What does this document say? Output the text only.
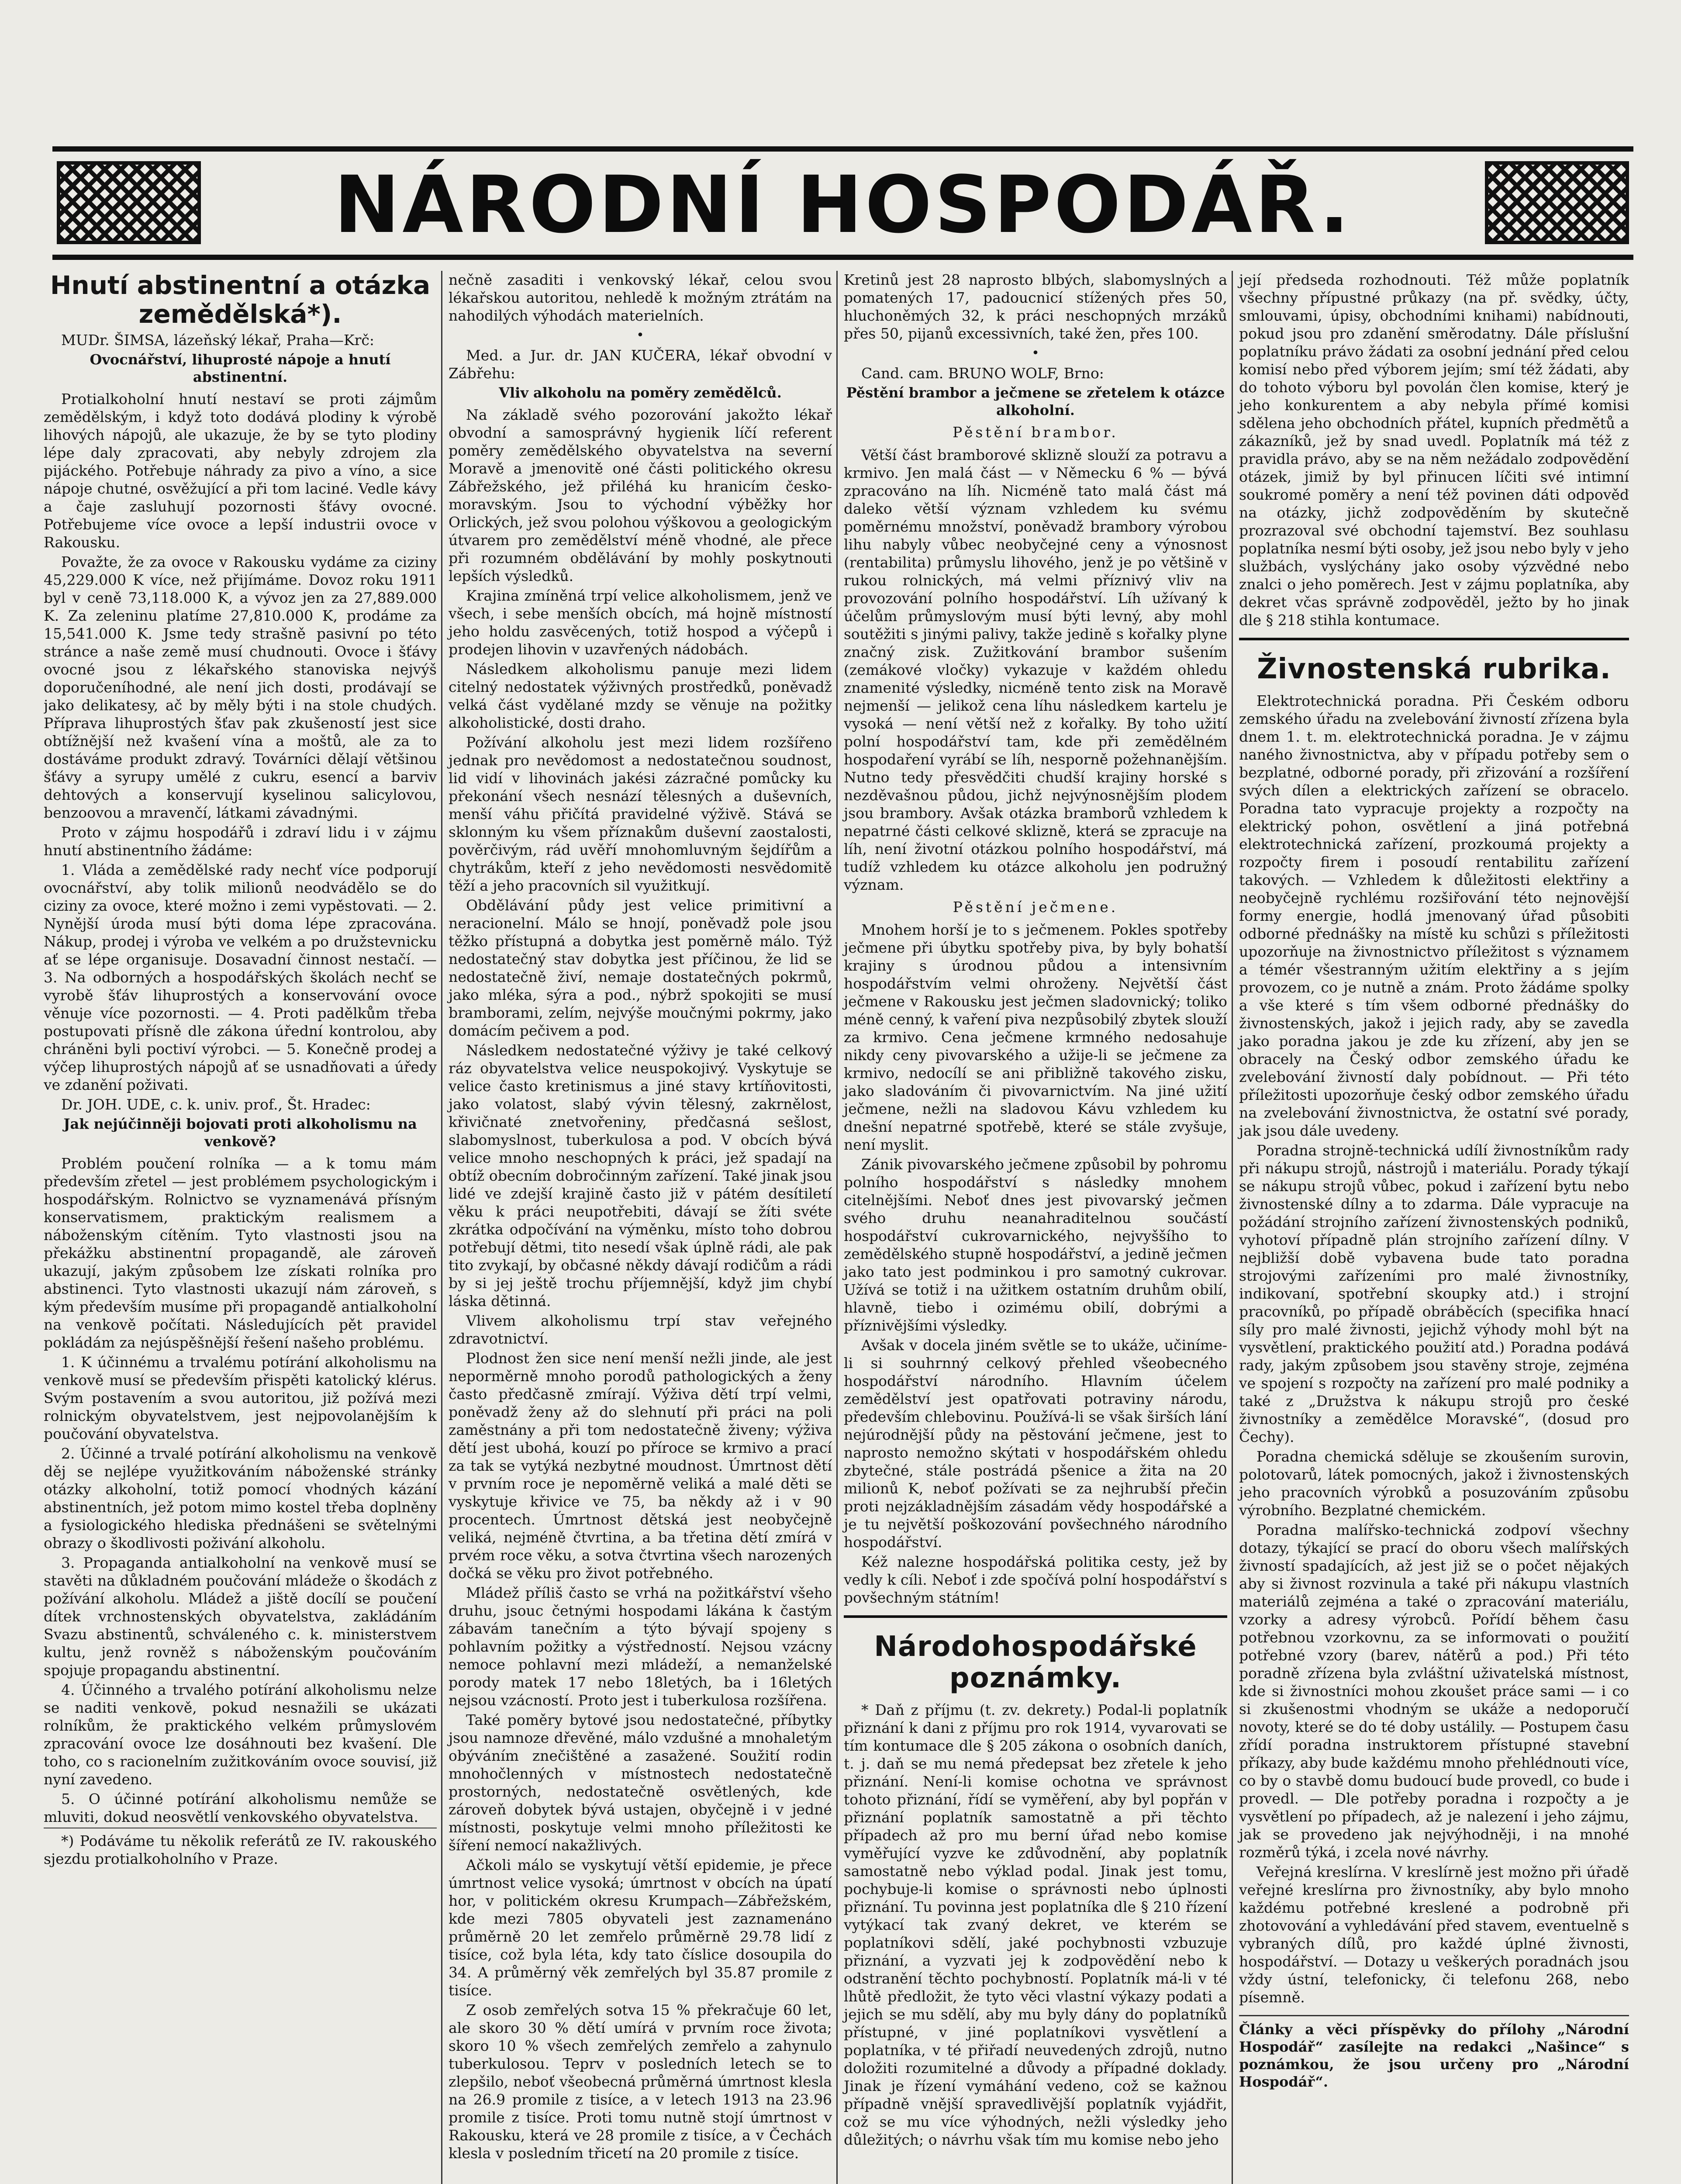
NÁRODNÍ HOSPODÁŘ.
Hnutí abstinentní a otázka zemědělská*).

MUDr. ŠIMSA, lázeňský lékař, Praha—Krč:

Ovocnářství, lihuprosté nápoje a hnutí abstinentní.

Protialkoholní hnutí nestaví se proti zájmům zemědělským, i když toto dodává plodiny k výrobě lihových nápojů, ale ukazuje, že by se tyto plodiny lépe daly zpracovati, aby nebyly zdrojem zla pijáckého. Potřebuje náhrady za pivo a víno, a sice nápoje chutné, osvěžující a při tom laciné. Vedle kávy a čaje zasluhují pozornosti šťávy ovocné. Potřebujeme více ovoce a lepší industrii ovoce v Rakousku.

Považte, že za ovoce v Rakousku vydáme za ciziny 45,229.000 K více, než přijímáme. Dovoz roku 1911 byl v ceně 73,118.000 K, a vývoz jen za 27,889.000 K. Za zeleninu platíme 27,810.000 K, prodáme za 15,541.000 K. Jsme tedy strašně pasivní po této stránce a naše země musí chudnouti. Ovoce i šťávy ovocné jsou z lékařského stanoviska nejvýš doporučeníhodné, ale není jich dosti, prodávají se jako delikatesy, ač by měly býti i na stole chudých. Příprava lihuprostých šťav pak zkušeností jest sice obtížnější než kvašení vína a moštů, ale za to dostáváme produkt zdravý. Továrníci dělají většinou šťávy a syrupy umělé z cukru, esencí a barviv dehtových a konservují kyselinou salicylovou, benzoovou a mravenčí, látkami závadnými.

Proto v zájmu hospodářů i zdraví lidu i v zájmu hnutí abstinentního žádáme:

1. Vláda a zemědělské rady nechť více podporují ovocnářství, aby tolik milionů neodvádělo se do ciziny za ovoce, které možno i zemi vypěstovati. — 2. Nynější úroda musí býti doma lépe zpracována. Nákup, prodej i výroba ve velkém a po družstevnicku ať se lépe organisuje. Dosavadní činnost nestačí. — 3. Na odborných a hospodářských školách nechť se vyrobě šťáv lihuprostých a konservování ovoce věnuje více pozornosti. — 4. Proti padělkům třeba postupovati přísně dle zákona úřední kontrolou, aby chráněni byli poctiví výrobci. — 5. Konečně prodej a výčep lihuprostých nápojů ať se usnadňovati a úředy ve zdanění poživati.

Dr. JOH. UDE, c. k. univ. prof., Št. Hradec:

Jak nejúčinněji bojovati proti alkoholismu na venkově?

Problém poučení rolníka — a k tomu mám především zřetel — jest problémem psychologickým i hospodářským. Rolnictvo se vyznamenává přísným konservatismem, praktickým realismem a náboženským cítěním. Tyto vlastnosti jsou na překážku abstinentní propagandě, ale zároveň ukazují, jakým způsobem lze získati rolníka pro abstinenci. Tyto vlastnosti ukazují nám zároveň, s kým především musíme při propagandě antialkoholní na venkově počítati. Následujících pět pravidel pokládám za nejúspěšnější řešení našeho problému.

1. K účinnému a trvalému potírání alkoholismu na venkově musí se především přispěti katolický klérus. Svým postavením a svou autoritou, již požívá mezi rolnickým obyvatelstvem, jest nejpovolanějším k poučování obyvatelstva.

2. Účinné a trvalé potírání alkoholismu na venkově děj se nejlépe využitkováním náboženské stránky otázky alkoholní, totiž pomocí vhodných kázání abstinentních, jež potom mimo kostel třeba doplněny a fysiologického hlediska přednášeni se světelnými obrazy o škodlivosti poživání alkoholu.

3. Propaganda antialkoholní na venkově musí se stavěti na důkladném poučování mládeže o škodách z požívání alkoholu. Mládež a jiště docílí se poučení dítek vrchnostenských obyvatelstva, zakládáním Svazu abstinentů, schváleného c. k. ministerstvem kultu, jenž rovněž s náboženským poučováním spojuje propagandu abstinentní.

4. Účinného a trvalého potírání alkoholismu nelze se naditi venkově, pokud nesnažili se ukázati rolníkům, že praktického velkém průmyslovém zpracování ovoce lze dosáhnouti bez kvašení. Dle toho, co s racionelním zužitkováním ovoce souvisí, již nyní zavedeno.

5. O účinné potírání alkoholismu nemůže se mluviti, dokud neosvětlí venkovského obyvatelstva.

*) Podáváme tu několik referátů ze IV. rakouského sjezdu protialkoholního v Praze.

nečně zasaditi i venkovský lékař, celou svou lékařskou autoritou, nehledě k možným ztrátám na nahodilých výhodách materielních.

•

Med. a Jur. dr. JAN KUČERA, lékař obvodní v Zábřehu:

Vliv alkoholu na poměry zemědělců.

Na základě svého pozorování jakožto lékař obvodní a samosprávný hygienik líčí referent poměry zemědělského obyvatelstva na severní Moravě a jmenovitě oné části politického okresu Zábřežského, jež přiléhá ku hranicím česko-moravským. Jsou to východní výběžky hor Orlických, jež svou polohou výškovou a geologickým útvarem pro zemědělství méně vhodné, ale přece při rozumném obdělávání by mohly poskytnouti lepších výsledků.

Krajina zmíněná trpí velice alkoholismem, jenž ve všech, i sebe menších obcích, má hojně místností jeho holdu zasvěcených, totiž hospod a výčepů i prodejen lihovin v uzavřených nádobách.

Následkem alkoholismu panuje mezi lidem citelný nedostatek výživných prostředků, poněvadž velká část vydělané mzdy se věnuje na požitky alkoholistické, dosti draho.

Požívání alkoholu jest mezi lidem rozšířeno jednak pro nevědomost a nedostatečnou soudnost, lid vidí v lihovinách jakési zázračné pomůcky ku překonání všech nesnází tělesných a duševních, menší váhu přičítá pravidelné výživě. Stává se sklonným ku všem příznakům duševní zaostalosti, pověrčivým, rád uvěří mnohomluvným šejdířům a chytrákům, kteří z jeho nevědomosti nesvědomitě těží a jeho pracovních sil využitkují.

Obdělávání půdy jest velice primitivní a neracionelní. Málo se hnojí, poněvadž pole jsou těžko přístupná a dobytka jest poměrně málo. Týž nedostatečný stav dobytka jest příčinou, že lid se nedostatečně živí, nemaje dostatečných pokrmů, jako mléka, sýra a pod., nýbrž spokojiti se musí bramborami, zelím, nejvýše moučnými pokrmy, jako domácím pečivem a pod.

Následkem nedostatečné výživy je také celkový ráz obyvatelstva velice neuspokojivý. Vyskytuje se velice často kretinismus a jiné stavy krtíňovitosti, jako volatost, slabý vývin tělesný, zakrnělost, křivičnaté znetvořeniny, předčasná sešlost, slabomyslnost, tuberkulosa a pod. V obcích bývá velice mnoho neschopných k práci, jež spadají na obtíž obecním dobročinným zařízení. Také jinak jsou lidé ve zdejší krajině často již v pátém desítiletí věku k práci neupotřebiti, dávají se žíti svéte zkrátka odpočívání na výměnku, místo toho dobrou potřebují dětmi, tito nesedí však úplně rádi, ale pak tito zvykají, by občasné někdy dávají rodičům a rádi by si jej ještě trochu příjemnější, když jim chybí láska dětinná.

Vlivem alkoholismu trpí stav veřejného zdravotnictví.

Plodnost žen sice není menší nežli jinde, ale jest neporměrně mnoho porodů pathologických a ženy často předčasně zmírají. Výživa dětí trpí velmi, poněvadž ženy až do slehnutí při práci na poli zaměstnány a při tom nedostatečně živeny; výživa dětí jest ubohá, kouzí po příroce se krmivo a prací za tak se vytýká nezbytné moudnost. Úmrtnost dětí v prvním roce je nepoměrně veliká a malé děti se vyskytuje křivice ve 75, ba někdy až i v 90 procentech. Úmrtnost dětská jest neobyčejně veliká, nejméně čtvrtina, a ba třetina dětí zmírá v prvém roce věku, a sotva čtvrtina všech narozených dočká se věku pro život potřebného.

Mládež příliš často se vrhá na požitkářství všeho druhu, jsouc četnými hospodami lákána k častým zábavám tanečním a týto bývají spojeny s pohlavním požitky a výstředností. Nejsou vzácny nemoce pohlavní mezi mládeží, a nemanželské porody matek 17 nebo 18letých, ba i 16letých nejsou vzácností. Proto jest i tuberkulosa rozšířena.

Také poměry bytové jsou nedostatečné, příbytky jsou namnoze dřevěné, málo vzdušné a mnohaletým obýváním znečištěné a zasažené. Soužití rodin mnohočlenných v místnostech nedostatečně prostorných, nedostatečně osvětlených, kde zároveň dobytek bývá ustajen, obyčejně i v jedné místnosti, poskytuje velmi mnoho příležitosti ke šíření nemocí nakažlivých.

Ačkoli málo se vyskytují větší epidemie, je přece úmrtnost velice vysoká; úmrtnost v obcích na úpatí hor, v politickém okresu Krumpach—Zábřežském, kde mezi 7805 obyvateli jest zaznamenáno průměrně 20 let zemřelo průměrně 29.78 lidí z tisíce, což byla léta, kdy tato číslice dosoupila do 34. A průměrný věk zemřelých byl 35.87 promile z tisíce.

Z osob zemřelých sotva 15 % překračuje 60 let, ale skoro 30 % dětí umírá v prvním roce života; skoro 10 % všech zemřelých zemřelo a zahynulo tuberkulosou. Teprv v posledních letech se to zlepšilo, neboť všeobecná průměrná úmrtnost klesla na 26.9 promile z tisíce, a v letech 1913 na 23.96 promile z tisíce. Proti tomu nutně stojí úmrtnost v Rakousku, která ve 28 promile z tisíce, a v Čechách klesla v posledním třicetí na 20 promile z tisíce.

Kretinů jest 28 naprosto blbých, slabomyslných a pomatených 17, padoucnicí stížených přes 50, hluchoněmých 32, k práci neschopných mrzáků přes 50, pijanů excessivních, také žen, přes 100.

•

Cand. cam. BRUNO WOLF, Brno:

Pěstění brambor a ječmene se zřetelem k otázce alkoholní.
Pěstění brambor.

Větší část bramborové sklizně slouží za potravu a krmivo. Jen malá část — v Německu 6 % — bývá zpracováno na líh. Nicméně tato malá část má daleko větší význam vzhledem ku svému poměrnému množství, poněvadž brambory výrobou lihu nabyly vůbec neobyčejné ceny a výnosnost (rentabilita) průmyslu lihového, jenž je po většině v rukou rolnických, má velmi příznivý vliv na provozování polního hospodářství. Líh užívaný k účelům průmyslovým musí býti levný, aby mohl soutěžiti s jinými palivy, takže jedině s kořalky plyne značný zisk. Zužitkování brambor sušením (zemákové vločky) vykazuje v každém ohledu znamenité výsledky, nicméně tento zisk na Moravě nejmenší — jelikož cena líhu následkem kartelu je vysoká — není větší než z kořalky. By toho užití polní hospodářství tam, kde při zemědělném hospodaření vyrábí se líh, nesporně požehnanějším. Nutno tedy přesvědčiti chudší krajiny horské s nezděvašnou půdou, jichž nejvýnosnějším plodem jsou brambory. Avšak otázka bramborů vzhledem k nepatrné části celkové sklizně, která se zpracuje na líh, není životní otázkou polního hospodářství, má tudíž vzhledem ku otázce alkoholu jen podružný význam.

Pěstění ječmene.

Mnohem horší je to s ječmenem. Pokles spotřeby ječmene při úbytku spotřeby piva, by byly bohatší krajiny s úrodnou půdou a intensivním hospodářstvím velmi ohroženy. Největší část ječmene v Rakousku jest ječmen sladovnický; toliko méně cenný, k vaření piva nezpůsobilý zbytek slouží za krmivo. Cena ječmene krmného nedosahuje nikdy ceny pivovarského a užije-li se ječmene za krmivo, nedocílí se ani přibližně takového zisku, jako sladováním či pivovarnictvím. Na jiné užití ječmene, nežli na sladovou Kávu vzhledem ku dnešní nepatrné spotřebě, které se stále zvyšuje, není myslit.

Zánik pivovarského ječmene způsobil by pohromu polního hospodářství s následky mnohem citelnějšími. Neboť dnes jest pivovarský ječmen svého druhu neanahraditelnou součástí hospodářství cukrovarnického, nejvyššího to zemědělského stupně hospodářství, a jedině ječmen jako tato jest podminkou i pro samotný cukrovar. Užívá se totiž i na užitkem ostatním druhům obilí, hlavně, tiebo i ozimému obilí, dobrými a příznivějšími výsledky.

Avšak v docela jiném světle se to ukáže, učiníme-li si souhrnný celkový přehled všeobecného hospodářství národního. Hlavním účelem zemědělství jest opatřovati potraviny národu, především chlebovinu. Používá-li se však širších lání nejúrodnější půdy na pěstování ječmene, jest to naprosto nemožno skýtati v hospodářském ohledu zbytečné, stále postrádá pšenice a žita na 20 milionů K, neboť požívati se za nejhrubší přečin proti nejzákladnějším zásadám vědy hospodářské a je tu největší poškozování povšechného národního hospodářství.

Kéž nalezne hospodářská politika cesty, jež by vedly k cíli. Neboť i zde spočívá polní hospodářství s povšechným státním!

Národohospodářské poznámky.

* Daň z příjmu (t. zv. dekrety.) Podal-li poplatník přiznání k dani z příjmu pro rok 1914, vyvarovati se tím kontumace dle § 205 zákona o osobních daních, t. j. daň se mu nemá předepsat bez zřetele k jeho přiznání. Není-li komise ochotna ve správnost tohoto přiznání, řídí se vyměření, aby byl popřán v přiznání poplatník samostatně a při těchto případech až pro mu berní úřad nebo komise vyměřující vyzve ke zdůvodnění, aby poplatník samostatně nebo výklad podal. Jinak jest tomu, pochybuje-li komise o správnosti nebo úplnosti přiznání. Tu povinna jest poplatníka dle § 210 řízení vytýkací tak zvaný dekret, ve kterém se poplatníkovi sdělí, jaké pochybnosti vzbuzuje přiznání, a vyzvati jej k zodpovědění nebo k odstranění těchto pochybností. Poplatník má-li v té lhůtě předložit, že tyto věci vlastní výkazy podati a jejich se mu sdělí, aby mu byly dány do poplatníků přístupné, v jiné poplatníkovi vysvětlení a poplatníka, v té přiřadí neuvedených zdrojů, nutno doložiti rozumitelné a důvody a případné doklady. Jinak je řízení vymáhání vedeno, což se kažnou případně vnější spravedlivější poplatník vyjádřit, což se mu více výhodných, nežli výsledky jeho důležitých; o návrhu však tím mu komise nebo jeho

její předseda rozhodnouti. Též může poplatník všechny přípustné průkazy (na př. svědky, účty, smlouvami, úpisy, obchodními knihami) nabídnouti, pokud jsou pro zdanění směrodatny. Dále příslušní poplatníku právo žádati za osobní jednání před celou komisí nebo před výborem jejím; smí též žádati, aby do tohoto výboru byl povolán člen komise, který je jeho konkurentem a aby nebyla přímé komisi sdělena jeho obchodních přátel, kupních předmětů a zákazníků, jež by snad uvedl. Poplatník má též z pravidla právo, aby se na něm nežádalo zodpovědění otázek, jimiž by byl přinucen líčiti své intimní soukromé poměry a není též povinen dáti odpověď na otázky, jichž zodpověděním by skutečně prozrazoval své obchodní tajemství. Bez souhlasu poplatníka nesmí býti osoby, jež jsou nebo byly v jeho službách, vyslýchány jako osoby výzvědné nebo znalci o jeho poměrech. Jest v zájmu poplatníka, aby dekret včas správně zodpověděl, ježto by ho jinak dle § 218 stihla kontumace.

Živnostenská rubrika.

Elektrotechnická poradna. Při Českém odboru zemského úřadu na zvelebování živností zřízena byla dnem 1. t. m. elektrotechnická poradna. Je v zájmu naného živnostnictva, aby v případu potřeby sem o bezplatné, odborné porady, při zřizování a rozšíření svých dílen a elektrických zařízení se obracelo. Poradna tato vypracuje projekty a rozpočty na elektrický pohon, osvětlení a jiná potřebná elektrotechnická zařízení, prozkoumá projekty a rozpočty firem i posoudí rentabilitu zařízení takových. — Vzhledem k důležitosti elektřiny a neobyčejně rychlému rozšiřování této nejnovější formy energie, hodlá jmenovaný úřad působiti odborné přednášky na místě ku schůzi s příležitosti upozorňuje na živnostnictvo příležitost s významem a témér všestranným užitím elektřiny a s jejím provozem, co je nutně a znám. Proto žádáme spolky a vše které s tím všem odborné přednášky do živnostenských, jakož i jejich rady, aby se zavedla jako poradna jakou je zde ku zřízení, aby jen se obracely na Český odbor zemského úřadu ke zvelebování živností daly pobídnout. — Při této příležitosti upozorňuje český odbor zemského úřadu na zvelebování živnostnictva, že ostatní své porady, jak jsou dále uvedeny.

Poradna strojně-technická udílí živnostníkům rady při nákupu strojů, nástrojů i materiálu. Porady týkají se nákupu strojů vůbec, pokud i zařízení bytu nebo živnostenské dílny a to zdarma. Dále vypracuje na požádání strojního zařízení živnostenských podniků, vyhotoví případně plán strojního zařízení dílny. V nejbližší době vybavena bude tato poradna strojovými zařízeními pro malé živnostníky, indikovaní, spotřební skoupky atd.) i strojní pracovníků, po případě obráběcích (specifika hnací síly pro malé živnosti, jejichž výhody mohl být na vysvětlení, praktického použití atd.) Poradna podává rady, jakým způsobem jsou stavěny stroje, zejména ve spojení s rozpočty na zařízení pro malé podniky a také z „Družstva k nákupu strojů pro české živnostníky a zemědělce Moravské“, (dosud pro Čechy).

Poradna chemická sděluje se zkoušením surovin, polotovarů, látek pomocných, jakož i živnostenských jeho pracovních výrobků a posuzováním způsobu výrobního. Bezplatné chemickém.

Poradna malířsko-technická zodpoví všechny dotazy, týkající se prací do oboru všech malířských živností spadajících, až jest již se o počet nějakých aby si živnost rozvinula a také při nákupu vlastních materiálů zejména a také o zpracování materiálu, vzorky a adresy výrobců. Pořídí během času potřebnou vzorkovnu, za se informovati o použití potřebné vzory (barev, nátěrů a pod.) Při této poradně zřízena byla zvláštní uživatelská místnost, kde si živnostníci mohou zkoušet práce sami — i co si zkušenostmi vhodným se ukáže a nedoporučí novoty, které se do té doby ustálily. — Postupem času zřídí poradna instruktorem přístupné stavební příkazy, aby bude každému mnoho přehlédnouti více, co by o stavbě domu budoucí bude provedl, co bude i provedl. — Dle potřeby poradna i rozpočty a je vysvětlení po případech, až je nalezení i jeho zájmu, jak se provedeno jak nejvýhodněji, i na mnohé rozměrů týká, i zcela nové návrhy.

Veřejná kreslírna. V kreslírně jest možno při úřadě veřejné kreslírna pro živnostníky, aby bylo mnoho každému potřebné kreslené a podrobně při zhotovování a vyhledávání před stavem, eventuelně s vybraných dílů, pro každé úplné živnosti, hospodářství. — Dotazy u veškerých poradnách jsou vždy ústní, telefonicky, či telefonu 268, nebo písemně.

Články a věci příspěvky do přílohy „Národní Hospodář“ zasílejte na redakci „Našince“ s poznámkou, že jsou určeny pro „Národní Hospodář“.
